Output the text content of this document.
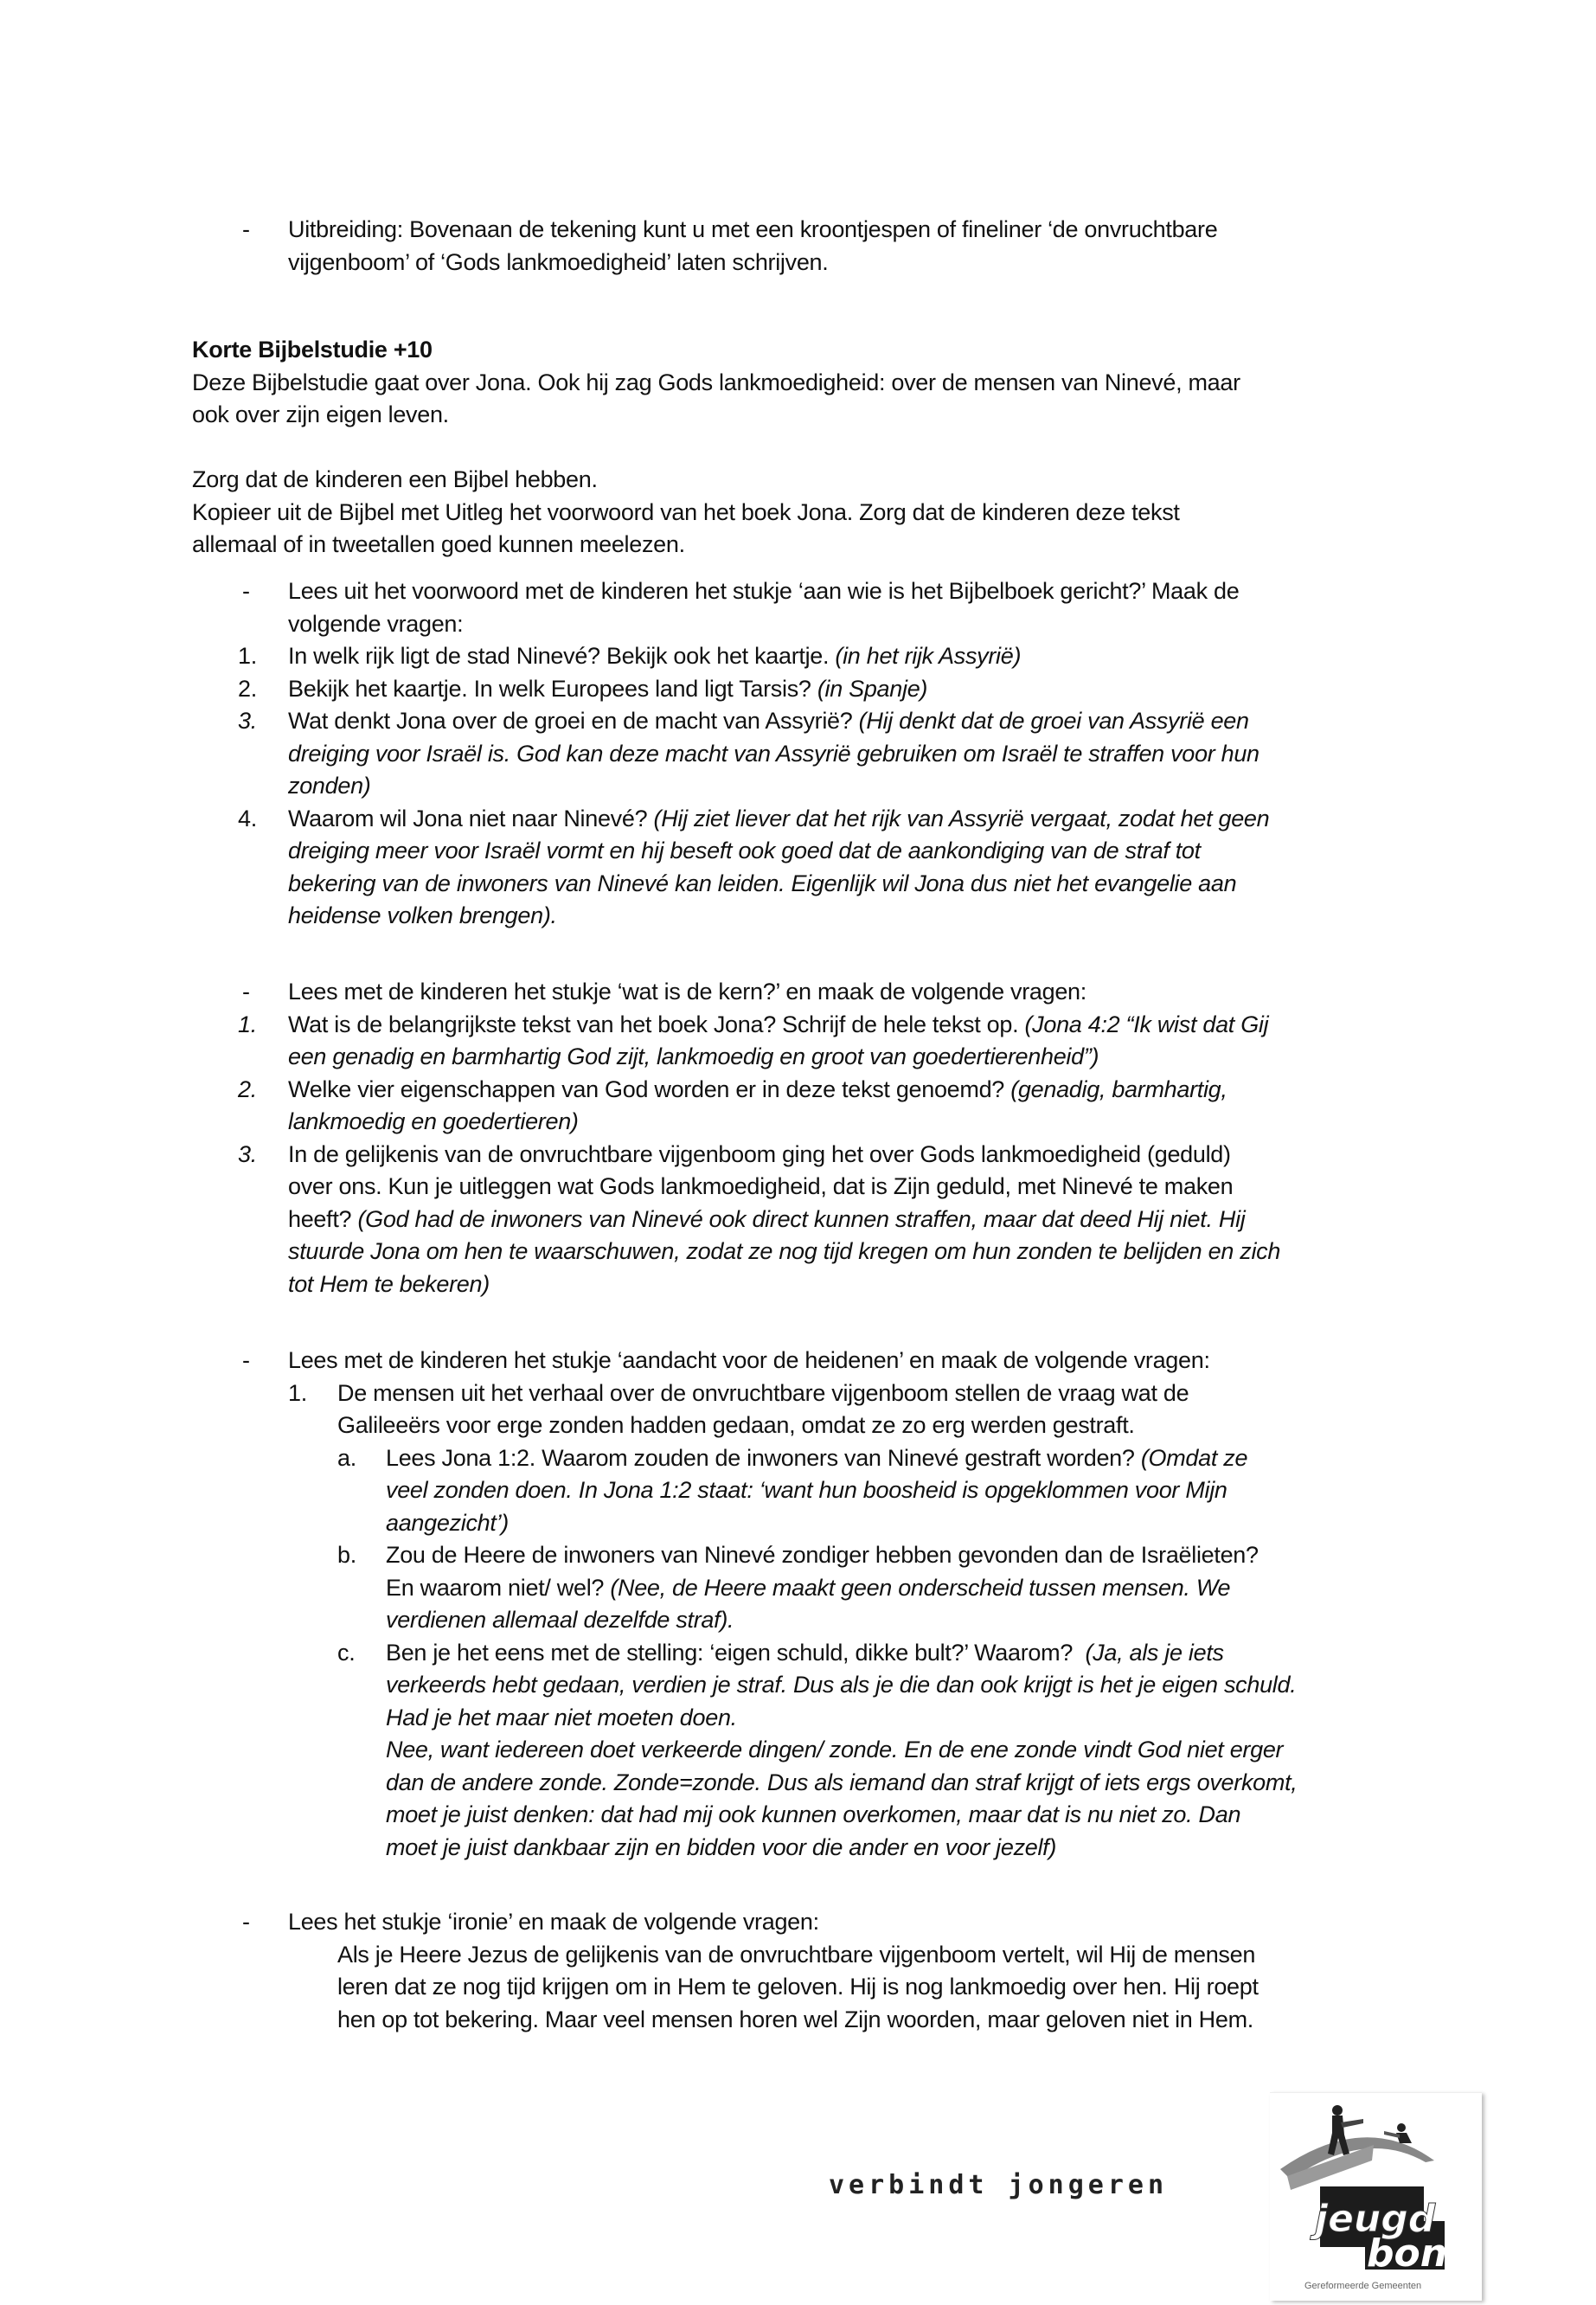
-	Uitbreiding: Bovenaan de tekening kunt u met een kroontjespen of fineliner ‘de onvruchtbare
vijgenboom’ of ‘Gods lankmoedigheid’ laten schrijven.
Korte Bijbelstudie +10
Deze Bijbelstudie gaat over Jona. Ook hij zag Gods lankmoedigheid: over de mensen van Ninevé, maar
ook over zijn eigen leven.
Zorg dat de kinderen een Bijbel hebben.
Kopieer uit de Bijbel met Uitleg het voorwoord van het boek Jona. Zorg dat de kinderen deze tekst
allemaal of in tweetallen goed kunnen meelezen.
-	Lees uit het voorwoord met de kinderen het stukje ‘aan wie is het Bijbelboek gericht?’ Maak de
volgende vragen:
1.	In welk rijk ligt de stad Ninevé? Bekijk ook het kaartje. (in het rijk Assyrië)
2.	Bekijk het kaartje. In welk Europees land ligt Tarsis? (in Spanje)
3.	Wat denkt Jona over de groei en de macht van Assyrië? (Hij denkt dat de groei van Assyrië een
dreiging voor Israël is. God kan deze macht van Assyrië gebruiken om Israël te straffen voor hun
zonden)
4.	Waarom wil Jona niet naar Ninevé? (Hij ziet liever dat het rijk van Assyrië vergaat, zodat het geen
dreiging meer voor Israël vormt en hij beseft ook goed dat de aankondiging van de straf tot
bekering van de inwoners van Ninevé kan leiden. Eigenlijk wil Jona dus niet het evangelie aan
heidense volken brengen).
-	Lees met de kinderen het stukje ‘wat is de kern?’ en maak de volgende vragen:
1.	Wat is de belangrijkste tekst van het boek Jona? Schrijf de hele tekst op. (Jona 4:2 “Ik wist dat Gij
een genadig en barmhartig God zijt, lankmoedig en groot van goedertierenheid”)
2.	Welke vier eigenschappen van God worden er in deze tekst genoemd? (genadig, barmhartig,
lankmoedig en goedertieren)
3.	In de gelijkenis van de onvruchtbare vijgenboom ging het over Gods lankmoedigheid (geduld)
over ons. Kun je uitleggen wat Gods lankmoedigheid, dat is Zijn geduld, met Ninevé te maken
heeft? (God had de inwoners van Ninevé ook direct kunnen straffen, maar dat deed Hij niet. Hij
stuurde Jona om hen te waarschuwen, zodat ze nog tijd kregen om hun zonden te belijden en zich
tot Hem te bekeren)
-	Lees met de kinderen het stukje ‘aandacht voor de heidenen’ en maak de volgende vragen:
1.	De mensen uit het verhaal over de onvruchtbare vijgenboom stellen de vraag wat de
Galileeërs voor erge zonden hadden gedaan, omdat ze zo erg werden gestraft.
a.	Lees Jona 1:2. Waarom zouden de inwoners van Ninevé gestraft worden? (Omdat ze
veel zonden doen. In Jona 1:2 staat: ‘want hun boosheid is opgeklommen voor Mijn
aangezicht’)
b.	Zou de Heere de inwoners van Ninevé zondiger hebben gevonden dan de Israëlieten?
En waarom niet/ wel? (Nee, de Heere maakt geen onderscheid tussen mensen. We
verdienen allemaal dezelfde straf).
c.	Ben je het eens met de stelling: ‘eigen schuld, dikke bult?’ Waarom?  (Ja, als je iets
verkeerds hebt gedaan, verdien je straf. Dus als je die dan ook krijgt is het je eigen schuld.
Had je het maar niet moeten doen.
Nee, want iedereen doet verkeerde dingen/ zonde. En de ene zonde vindt God niet erger
dan de andere zonde. Zonde=zonde. Dus als iemand dan straf krijgt of iets ergs overkomt,
moet je juist denken: dat had mij ook kunnen overkomen, maar dat is nu niet zo. Dan
moet je juist dankbaar zijn en bidden voor die ander en voor jezelf)
-	Lees het stukje ‘ironie’ en maak de volgende vragen:
Als je Heere Jezus de gelijkenis van de onvruchtbare vijgenboom vertelt, wil Hij de mensen
leren dat ze nog tijd krijgen om in Hem te geloven. Hij is nog lankmoedig over hen. Hij roept
hen op tot bekering. Maar veel mensen horen wel Zijn woorden, maar geloven niet in Hem.
verbindt jongeren
jeugd
bond
Gereformeerde Gemeenten
